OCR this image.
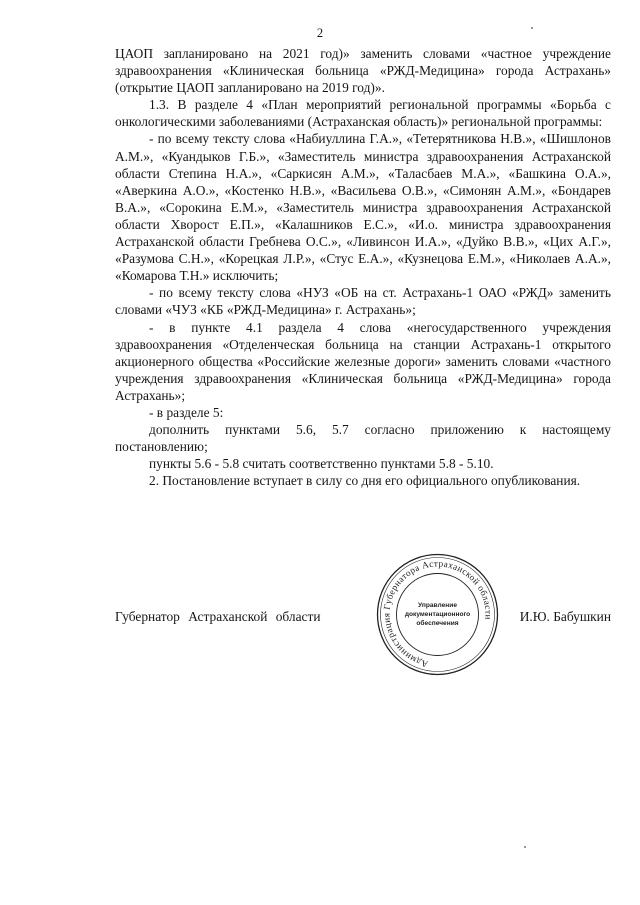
2

ЦАОП запланировано на 2021 год)» заменить словами «частное учреждение здравоохранения «Клиническая больница «РЖД-Медицина» города Астрахань» (открытие ЦАОП запланировано на 2019 год)».

1.3. В разделе 4 «План мероприятий региональной программы «Борьба с онкологическими заболеваниями (Астраханская область)» региональной программы:

- по всему тексту слова «Набиуллина Г.А.», «Тетерятникова Н.В.», «Шишлонов А.М.», «Куандыков Г.Б.», «Заместитель министра здравоохранения Астраханской области Степина Н.А.», «Саркисян А.М.», «Таласбаев М.А.», «Башкина О.А.», «Аверкина А.О.», «Костенко Н.В.», «Васильева О.В.», «Симонян А.М.», «Бондарев В.А.», «Сорокина Е.М.», «Заместитель министра здравоохранения Астраханской области Хворост Е.П.», «Калашников Е.С.», «И.о. министра здравоохранения Астраханской области Гребнева О.С.», «Ливинсон И.А.», «Дуйко В.В.», «Цих А.Г.», «Разумова С.Н.», «Корецкая Л.Р.», «Стус Е.А.», «Кузнецова Е.М.», «Николаев А.А.», «Комарова Т.Н.» исключить;

- по всему тексту слова «НУЗ «ОБ на ст. Астрахань-1 ОАО «РЖД» заменить словами «ЧУЗ «КБ «РЖД-Медицина» г. Астрахань»;

- в пункте 4.1 раздела 4 слова «негосударственного учреждения здравоохранения «Отделенческая больница на станции Астрахань-1 открытого акционерного общества «Российские железные дороги» заменить словами «частного учреждения здравоохранения «Клиническая больница «РЖД-Медицина» города Астрахань»;

- в разделе 5:

дополнить пунктами 5.6, 5.7 согласно приложению к настоящему постановлению;

пункты 5.6 - 5.8 считать соответственно пунктами 5.8 - 5.10.

2. Постановление вступает в силу со дня его официального опубликования.

Губернатор Астраханской области	И.Ю. Бабушкин
Администрация Губернатора Астраханской области
Управление
документационного
обеспечения
